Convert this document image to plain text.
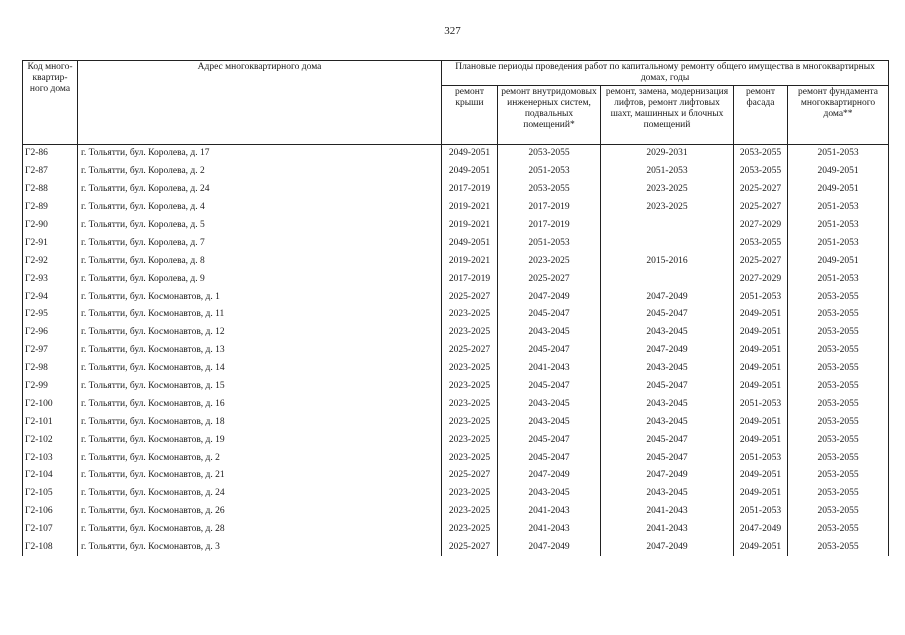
327
Код много-квартир-ного дома	Адрес многоквартирного дома	Плановые периоды проведения работ по капитальному ремонту общего имущества в многоквартирных домах, годы				
		ремонт крыши	ремонт внутридомовых инженерных систем, подвальных помещений*	ремонт, замена, модернизация лифтов, ремонт лифтовых шахт, машинных и блочных помещений	ремонт фасада	ремонт фундамента многоквартирного дома**
Г2-86	г. Тольятти, бул. Королева, д. 17	2049-2051	2053-2055	2029-2031	2053-2055	2051-2053
Г2-87	г. Тольятти, бул. Королева, д. 2	2049-2051	2051-2053	2051-2053	2053-2055	2049-2051
Г2-88	г. Тольятти, бул. Королева, д. 24	2017-2019	2053-2055	2023-2025	2025-2027	2049-2051
Г2-89	г. Тольятти, бул. Королева, д. 4	2019-2021	2017-2019	2023-2025	2025-2027	2051-2053
Г2-90	г. Тольятти, бул. Королева, д. 5	2019-2021	2017-2019		2027-2029	2051-2053
Г2-91	г. Тольятти, бул. Королева, д. 7	2049-2051	2051-2053		2053-2055	2051-2053
Г2-92	г. Тольятти, бул. Королева, д. 8	2019-2021	2023-2025	2015-2016	2025-2027	2049-2051
Г2-93	г. Тольятти, бул. Королева, д. 9	2017-2019	2025-2027		2027-2029	2051-2053
Г2-94	г. Тольятти, бул. Космонавтов, д. 1	2025-2027	2047-2049	2047-2049	2051-2053	2053-2055
Г2-95	г. Тольятти, бул. Космонавтов, д. 11	2023-2025	2045-2047	2045-2047	2049-2051	2053-2055
Г2-96	г. Тольятти, бул. Космонавтов, д. 12	2023-2025	2043-2045	2043-2045	2049-2051	2053-2055
Г2-97	г. Тольятти, бул. Космонавтов, д. 13	2025-2027	2045-2047	2047-2049	2049-2051	2053-2055
Г2-98	г. Тольятти, бул. Космонавтов, д. 14	2023-2025	2041-2043	2043-2045	2049-2051	2053-2055
Г2-99	г. Тольятти, бул. Космонавтов, д. 15	2023-2025	2045-2047	2045-2047	2049-2051	2053-2055
Г2-100	г. Тольятти, бул. Космонавтов, д. 16	2023-2025	2043-2045	2043-2045	2051-2053	2053-2055
Г2-101	г. Тольятти, бул. Космонавтов, д. 18	2023-2025	2043-2045	2043-2045	2049-2051	2053-2055
Г2-102	г. Тольятти, бул. Космонавтов, д. 19	2023-2025	2045-2047	2045-2047	2049-2051	2053-2055
Г2-103	г. Тольятти, бул. Космонавтов, д. 2	2023-2025	2045-2047	2045-2047	2051-2053	2053-2055
Г2-104	г. Тольятти, бул. Космонавтов, д. 21	2025-2027	2047-2049	2047-2049	2049-2051	2053-2055
Г2-105	г. Тольятти, бул. Космонавтов, д. 24	2023-2025	2043-2045	2043-2045	2049-2051	2053-2055
Г2-106	г. Тольятти, бул. Космонавтов, д. 26	2023-2025	2041-2043	2041-2043	2051-2053	2053-2055
Г2-107	г. Тольятти, бул. Космонавтов, д. 28	2023-2025	2041-2043	2041-2043	2047-2049	2053-2055
Г2-108	г. Тольятти, бул. Космонавтов, д. 3	2025-2027	2047-2049	2047-2049	2049-2051	2053-2055
